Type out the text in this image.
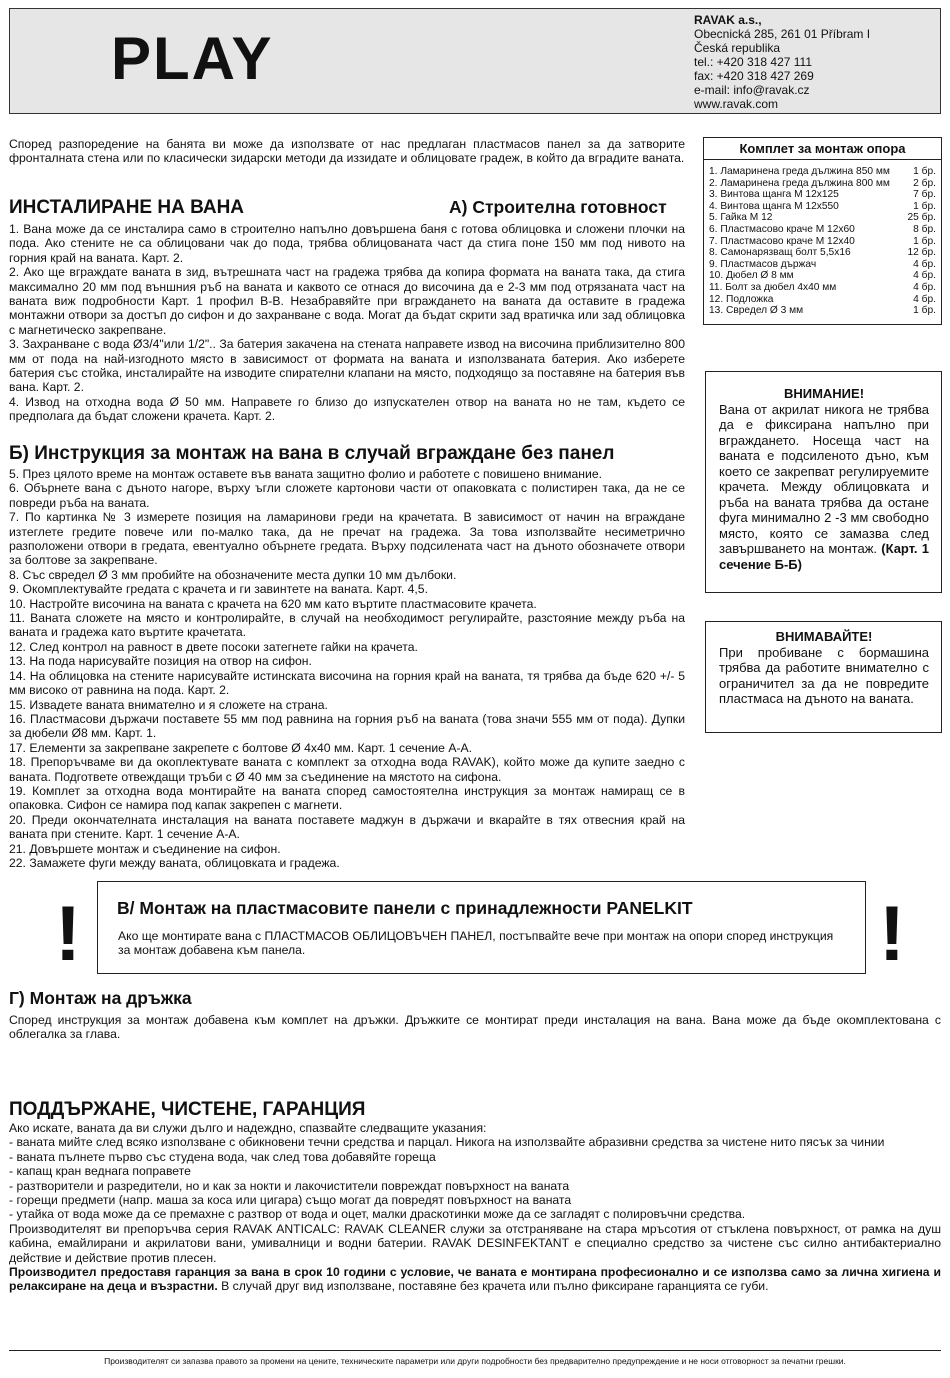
PLAY
RAVAK a.s.,
Obecnická 285, 261 01 Příbram I
Česká republika
tel.: +420 318 427 111
fax: +420 318 427 269
e-mail: info@ravak.cz
www.ravak.com
Според разпоредение на банята ви може да използвате от нас предлаган пластмасов панел за да затворите фронталната стена или по класически зидарски методи да иззидате и облицовате градеж, в който да вградите ваната.
ИНСТАЛИРАНЕ НА ВАНА	А) Строителна готовност

1. Вана може да се инсталира само в строително напълно довършена баня с готова облицовка и сложени плочки на пода. Ако стените не са облицовани чак до пода, трябва облицованата част да стига поне 150 мм под нивото на горния край на ваната. Карт. 2.

2. Ако ще вграждате ваната в зид, вътрешната част на градежа трябва да копира формата на ваната така, да стига максимално 20 мм под външния ръб на ваната и каквото се отнася до височина да е 2-3 мм под отрязаната част на ваната виж подробности Карт. 1 профил В-В. Незабравяйте при вграждането на ваната да оставите в градежа монтажни отвори за достъп до сифон и до захранване с вода. Могат да бъдат скрити зад вратичка или зад облицовка с магнетическо закрепване.

3. Захранване с вода Ø3/4"или 1/2".. За батерия закачена на стената направете извод на височина приблизително 800 мм от пода на най-изгодното място в зависимост от формата на ваната и използваната батерия. Ако изберете батерия със стойка, инсталирайте на изводите спирателни клапани на място, подходящо за поставяне на батерия във вана. Карт. 2.

4. Извод на отходна вода Ø 50 мм. Направете го близо до изпускателен отвор на ваната но не там, където се предполага да бъдат сложени крачета. Карт. 2.

Б) Инструкция за монтаж на вана в случай вграждане без панел

5. През цялото време на монтаж оставете във ваната защитно фолио и работете с повишено внимание.

6. Обърнете вана с дъното нагоре, върху ъгли сложете картонови части от опаковката с полистирен така, да не се повреди ръба на ваната.

7. По картинка № 3 измерете позиция на ламаринови греди на крачетата. В зависимост от начин на вграждане изтеглете гредите повече или по-малко така, да не пречат на градежа. За това използвайте несиметрично разположени отвори в гредата, евентуално обърнете гредата. Върху подсилената част на дъното обозначете отвори за болтове за закрепване.

8. Със свредел Ø 3 мм пробийте на обозначените места дупки 10 мм дълбоки.

9. Окомплектувайте гредата с крачета и ги завинтете на ваната. Карт. 4,5.

10. Настройте височина на ваната с крачета на 620 мм като въртите пластмасовите крачета.

11. Ваната сложете на място и контролирайте, в случай на необходимост регулирайте, разстояние между ръба на ваната и градежа като въртите крачетата.

12. След контрол на равност в двете посоки затегнете гайки на крачета.

13. На пода нарисувайте позиция на отвор на сифон.

14. На облицовка на стените нарисувайте истинската височина на горния край на ваната, тя трябва да бъде 620 +/- 5 мм високо от равнина на пода. Карт. 2.

15. Извадете ваната внимателно и я сложете на страна.

16. Пластмасови държачи поставете 55 мм под равнина на горния ръб на ваната (това значи 555 мм от пода). Дупки за дюбели Ø8 мм. Карт. 1.

17. Елементи за закрепване закрепете с болтове Ø 4x40 мм. Карт. 1 сечение А-А.

18. Препоръчваме ви да окоплектувате ваната с комплект за отходна вода RAVAK), който може да купите заедно с ваната. Подгответе отвеждащи тръби с Ø 40 мм за съединение на мястото на сифона.

19. Комплет за отходна вода монтирайте на ваната според самостоятелна инструкция за монтаж намиращ се в опаковка. Сифон се намира под капак закрепен с магнети.

20. Преди окончателната инсталация на ваната поставете маджун в държачи и вкарайте в тях отвесния край на ваната при стените. Карт. 1 сечение А-А.

21. Довършете монтаж и съединение на сифон.

22. Замажете фуги между ваната, облицовката и градежа.

Комплет за монтаж опора
1. Ламаринена греда дължина 850 мм 1 бр.
2. Ламаринена греда дължина 800 мм 2 бр.
3. Винтова щанга М 12x125	7 бр.
4. Винтова щанга М 12x550	1 бр.
5. Гайка М 12	25 бр.
6. Пластмасово краче М 12x60	8 бр.
7. Пластмасово краче М 12x40	1 бр.
8. Самонарязващ болт 5,5x16	12 бр.
9. Пластмасов държач	4 бр.
10. Дюбел Ø 8 мм	4 бр.
11. Болт за дюбел 4x40 мм	4 бр.
12. Подложка	4 бр.
13. Свредел Ø 3 мм	1 бр.
ВНИМАНИЕ!
Вана от акрилат никога не трябва да е фиксирана напълно при вграждането. Носеща част на ваната е подсиленото дъно, към което се закрепват регулируемите крачета. Между облицовката и ръба на ваната трябва да остане фуга минимално 2 -3 мм свободно място, която се замазва след завършването на монтаж. (Карт. 1 сечение Б-Б)
ВНИМАВАЙТЕ!
При пробиване с бормашина трябва да работите внимателно с ограничител за да не повредите пластмаса на дъното на ваната.
!	!
В/ Монтаж на пластмасовите панели с принадлежности PANELKIT
Ако ще монтирате вана с ПЛАСТМАСОВ ОБЛИЦОВЪЧЕН ПАНЕЛ, постъпвайте вече при монтаж на опори според инструкция за монтаж добавена към панела.
Г) Монтаж на дръжка
Според инструкция за монтаж добавена към комплет на дръжки. Дръжките се монтират преди инсталация на вана. Вана може да бъде окомплектована с облегалка за глава.
ПОДДЪРЖАНЕ, ЧИСТЕНЕ, ГАРАНЦИЯ

Ако искате, ваната да ви служи дълго и надеждно, спазвайте следващите указания:

- ваната мийте след всяко използване с обикновени течни средства и парцал. Никога на използвайте абразивни средства за чистене нито пясък за чинии

- ваната пълнете първо със студена вода, чак след това добавяйте гореща

- капащ кран веднага поправете

- разтворители и разредители, но и как за нокти и лакочистители повреждат повърхност на ваната

- горещи предмети (напр. маша за коса или цигара) също могат да повредят повърхност на ваната

- утайка от вода може да се премахне с разтвор от вода и оцет, малки драскотинки може да се загладят с полировъчни средства.

Производителят ви препоръчва серия RAVAK ANTICALC: RAVAK CLEANER служи за отстраняване на стара мръсотия от стъклена повърхност, от рамка на душ кабина, емайлирани и акрилатови вани, умивалници и водни батерии. RAVAK DESINFEKTANT е специално средство за чистене със силно антибактериално действие и действие против плесен.

Производител предоставя гаранция за вана в срок 10 години с условие, че ваната е монтирана професионално и се използва само за лична хигиена и релаксиране на деца и възрастни. В случай друг вид използване, поставяне без крачета или пълно фиксиране гаранцията се губи.

Производителят си запазва правото за промени на цените, техническите параметри или други подробности без предварително предупреждение и не носи отговорност за печатни грешки.
